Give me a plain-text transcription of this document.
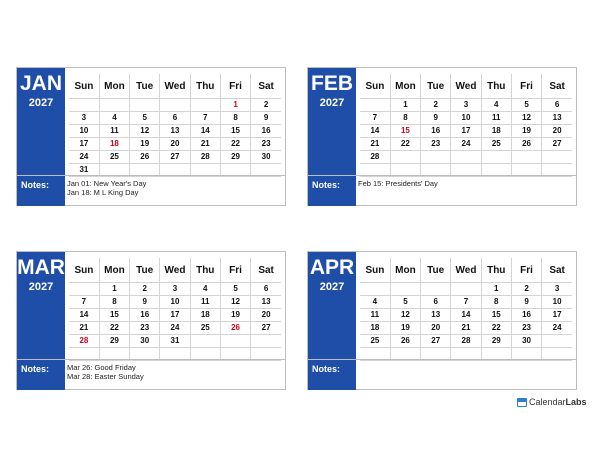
JAN
2027
Sun	Mon	Tue	Wed	Thu	Fri	Sat
					1	2
3	4	5	6	7	8	9
10	11	12	13	14	15	16
17	18	19	20	21	22	23
24	25	26	27	28	29	30
31						
Notes:	Jan 01: New Year's Day
Jan 18: M L King Day
FEB
2027
Sun	Mon	Tue	Wed	Thu	Fri	Sat
	1	2	3	4	5	6
7	8	9	10	11	12	13
14	15	16	17	18	19	20
21	22	23	24	25	26	27
28						

Notes:	Feb 15: Presidents' Day
MAR
2027
Sun	Mon	Tue	Wed	Thu	Fri	Sat
	1	2	3	4	5	6
7	8	9	10	11	12	13
14	15	16	17	18	19	20
21	22	23	24	25	26	27
28	29	30	31			

Notes:	Mar 26: Good Friday
Mar 28: Easter Sunday
APR
2027
Sun	Mon	Tue	Wed	Thu	Fri	Sat
				1	2	3
4	5	6	7	8	9	10
11	12	13	14	15	16	17
18	19	20	21	22	23	24
25	26	27	28	29	30	

Notes:
Calendar Labs
